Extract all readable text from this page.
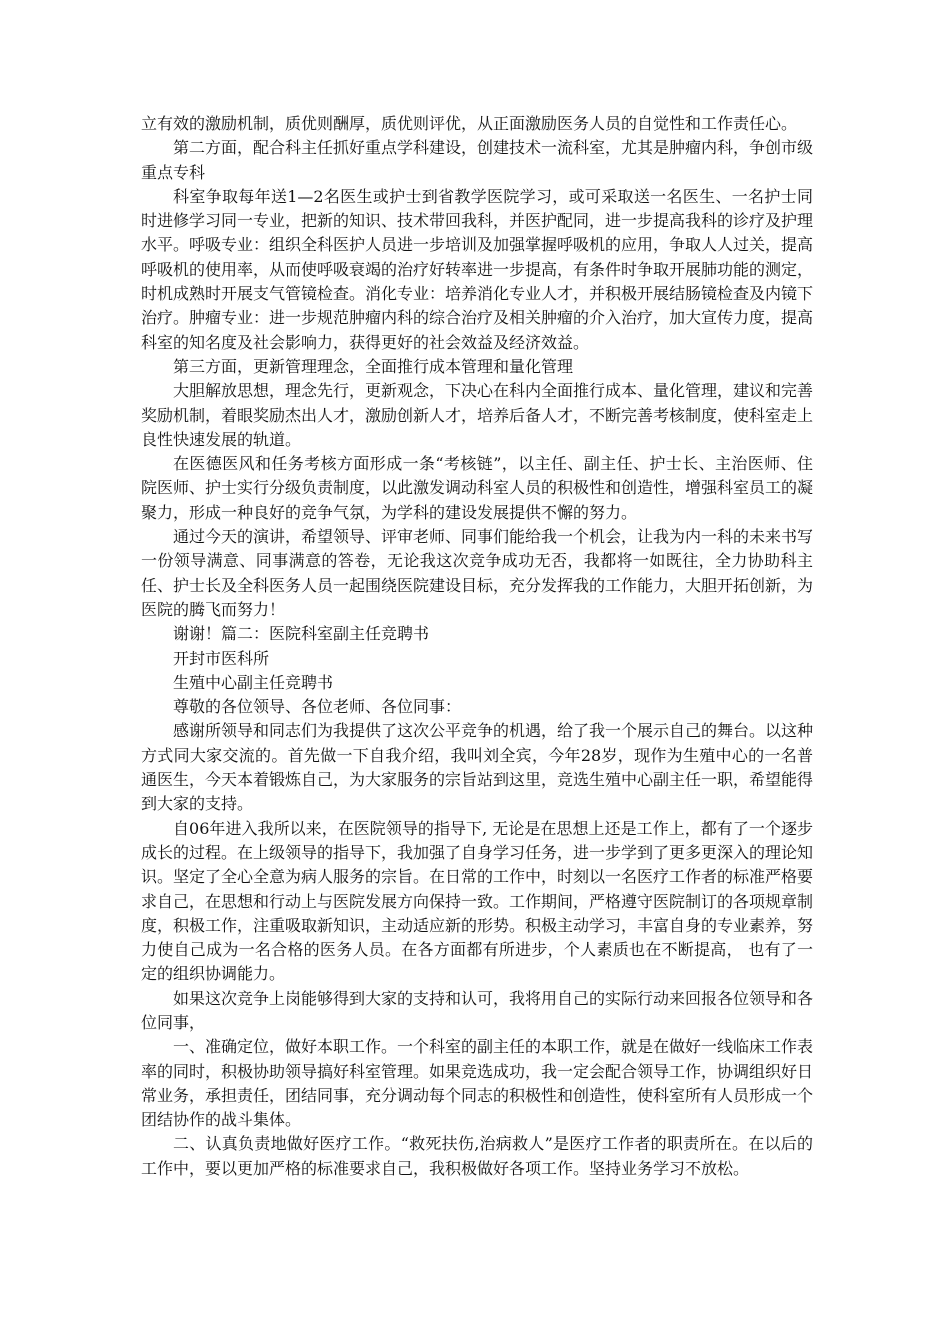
立有效的激励机制，质优则酬厚，质优则评优，从正面激励医务人员的自觉性和工作责任心。

第二方面，配合科主任抓好重点学科建设，创建技术一流科室，尤其是肿瘤内科，争创市级重点专科

科室争取每年送1—2名医生或护士到省教学医院学习，或可采取送一名医生、一名护士同时进修学习同一专业，把新的知识、技术带回我科，并医护配同，进一步提高我科的诊疗及护理水平。呼吸专业：组织全科医护人员进一步培训及加强掌握呼吸机的应用，争取人人过关，提高呼吸机的使用率，从而使呼吸衰竭的治疗好转率进一步提高，有条件时争取开展肺功能的测定，时机成熟时开展支气管镜检查。消化专业：培养消化专业人才，并积极开展结肠镜检查及内镜下治疗。肿瘤专业：进一步规范肿瘤内科的综合治疗及相关肿瘤的介入治疗，加大宣传力度，提高科室的知名度及社会影响力，获得更好的社会效益及经济效益。

第三方面，更新管理理念，全面推行成本管理和量化管理

大胆解放思想，理念先行，更新观念，下决心在科内全面推行成本、量化管理，建议和完善奖励机制，着眼奖励杰出人才，激励创新人才，培养后备人才，不断完善考核制度，使科室走上良性快速发展的轨道。

在医德医风和任务考核方面形成一条“考核链”，以主任、副主任、护士长、主治医师、住院医师、护士实行分级负责制度，以此激发调动科室人员的积极性和创造性，增强科室员工的凝聚力，形成一种良好的竞争气氛，为学科的建设发展提供不懈的努力。

通过今天的演讲，希望领导、评审老师、同事们能给我一个机会，让我为内一科的未来书写一份领导满意、同事满意的答卷，无论我这次竞争成功无否，我都将一如既往，全力协助科主任、护士长及全科医务人员一起围绕医院建设目标，充分发挥我的工作能力，大胆开拓创新，为医院的腾飞而努力！

谢谢！篇二：医院科室副主任竞聘书

开封市医科所

生殖中心副主任竞聘书

尊敬的各位领导、各位老师、各位同事：

感谢所领导和同志们为我提供了这次公平竞争的机遇，给了我一个展示自己的舞台。以这种方式同大家交流的。首先做一下自我介绍，我叫刘全宾，今年28岁，现作为生殖中心的一名普通医生，今天本着锻炼自己，为大家服务的宗旨站到这里，竞选生殖中心副主任一职，希望能得到大家的支持。

自06年进入我所以来，在医院领导的指导下, 无论是在思想上还是工作上，都有了一个逐步成长的过程。在上级领导的指导下，我加强了自身学习任务，进一步学到了更多更深入的理论知识。坚定了全心全意为病人服务的宗旨。在日常的工作中，时刻以一名医疗工作者的标准严格要求自己，在思想和行动上与医院发展方向保持一致。工作期间，严格遵守医院制订的各项规章制度，积极工作，注重吸取新知识，主动适应新的形势。积极主动学习，丰富自身的专业素养，努力使自己成为一名合格的医务人员。在各方面都有所进步，个人素质也在不断提高， 也有了一定的组织协调能力。

如果这次竞争上岗能够得到大家的支持和认可，我将用自己的实际行动来回报各位领导和各位同事，

一、准确定位，做好本职工作。一个科室的副主任的本职工作，就是在做好一线临床工作表率的同时，积极协助领导搞好科室管理。如果竞选成功，我一定会配合领导工作，协调组织好日常业务，承担责任，团结同事，充分调动每个同志的积极性和创造性，使科室所有人员形成一个团结协作的战斗集体。

二、认真负责地做好医疗工作。“救死扶伤,治病救人”是医疗工作者的职责所在。在以后的工作中，要以更加严格的标准要求自己，我积极做好各项工作。坚持业务学习不放松。
